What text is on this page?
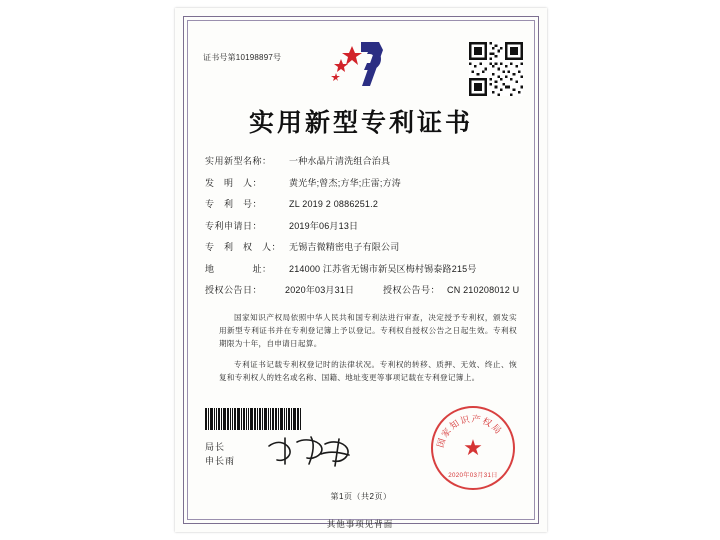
证书号第10198897号
实用新型专利证书
实用新型名称：	一种水晶片清洗组合治具
发　明　人：	黄光华;曾杰;方华;庄雷;方涛
专　利　号：	ZL 2019 2 0886251.2
专利申请日：	2019年06月13日
专　利　权　人： 无锡吉微精密电子有限公司
地　　　　址：	214000 江苏省无锡市新吴区梅村锡泰路215号
授权公告日：	2020年03月31日	授权公告号： CN 210208012 U

国家知识产权局依照中华人民共和国专利法进行审查，决定授予专利权，颁发实用新型专利证书并在专利登记簿上予以登记。专利权自授权公告之日起生效。专利权期限为十年，自申请日起算。

专利证书记载专利权登记时的法律状况。专利权的转移、质押、无效、终止、恢复和专利权人的姓名或名称、国籍、地址变更等事项记载在专利登记簿上。

局长
申长雨
国家知识产权局
★
2020年03月31日
第1页（共2页）
其他事项见背面
